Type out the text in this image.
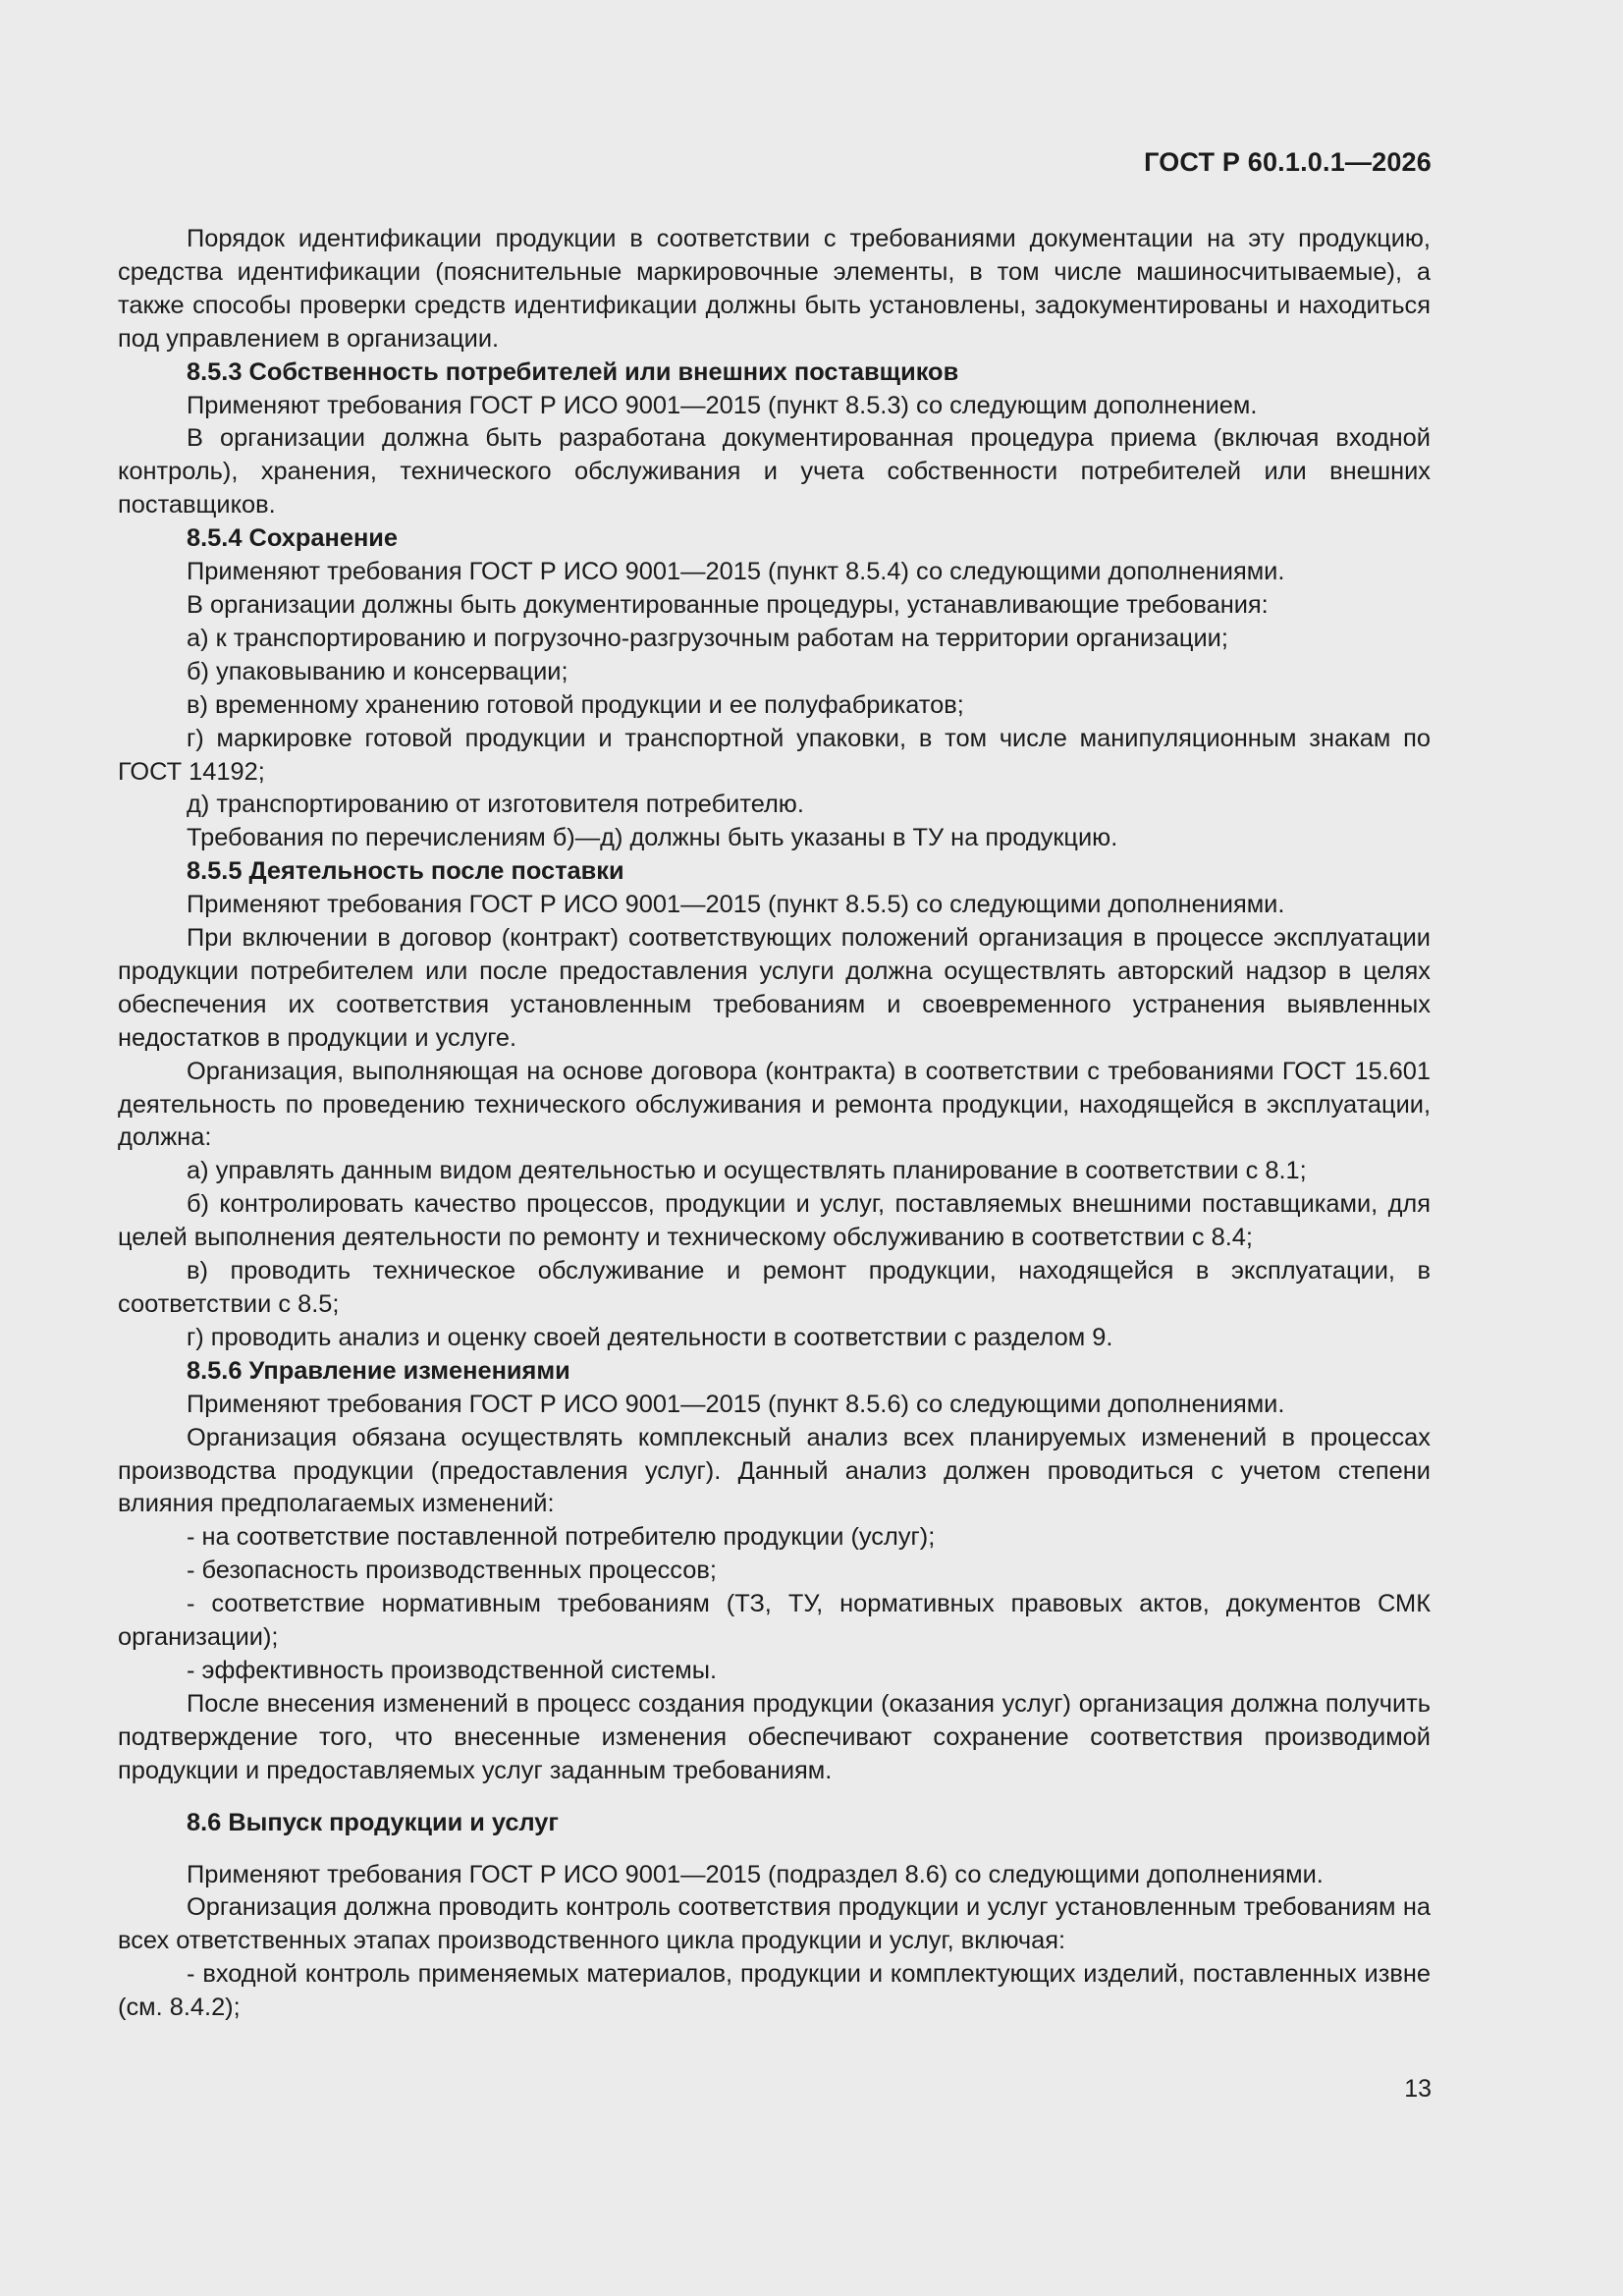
ГОСТ Р 60.1.0.1—2026

Порядок идентификации продукции в соответствии с требованиями документации на эту продукцию, средства идентификации (пояснительные маркировочные элементы, в том числе машиносчитываемые), а также способы проверки средств идентификации должны быть установлены, задокументированы и находиться под управлением в организации.

8.5.3 Собственность потребителей или внешних поставщиков

Применяют требования ГОСТ Р ИСО 9001—2015 (пункт 8.5.3) со следующим дополнением.

В организации должна быть разработана документированная процедура приема (включая входной контроль), хранения, технического обслуживания и учета собственности потребителей или внешних поставщиков.

8.5.4 Сохранение

Применяют требования ГОСТ Р ИСО 9001—2015 (пункт 8.5.4) со следующими дополнениями.

В организации должны быть документированные процедуры, устанавливающие требования:

а) к транспортированию и погрузочно-разгрузочным работам на территории организации;

б) упаковыванию и консервации;

в) временному хранению готовой продукции и ее полуфабрикатов;

г) маркировке готовой продукции и транспортной упаковки, в том числе манипуляционным знакам по ГОСТ 14192;

д) транспортированию от изготовителя потребителю.

Требования по перечислениям б)—д) должны быть указаны в ТУ на продукцию.

8.5.5 Деятельность после поставки

Применяют требования ГОСТ Р ИСО 9001—2015 (пункт 8.5.5) со следующими дополнениями.

При включении в договор (контракт) соответствующих положений организация в процессе эксплуатации продукции потребителем или после предоставления услуги должна осуществлять авторский надзор в целях обеспечения их соответствия установленным требованиям и своевременного устранения выявленных недостатков в продукции и услуге.

Организация, выполняющая на основе договора (контракта) в соответствии с требованиями ГОСТ 15.601 деятельность по проведению технического обслуживания и ремонта продукции, находящейся в эксплуатации, должна:

а) управлять данным видом деятельностью и осуществлять планирование в соответствии с 8.1;

б) контролировать качество процессов, продукции и услуг, поставляемых внешними поставщиками, для целей выполнения деятельности по ремонту и техническому обслуживанию в соответствии с 8.4;

в) проводить техническое обслуживание и ремонт продукции, находящейся в эксплуатации, в соответствии с 8.5;

г) проводить анализ и оценку своей деятельности в соответствии с разделом 9.

8.5.6 Управление изменениями

Применяют требования ГОСТ Р ИСО 9001—2015 (пункт 8.5.6) со следующими дополнениями.

Организация обязана осуществлять комплексный анализ всех планируемых изменений в процессах производства продукции (предоставления услуг). Данный анализ должен проводиться с учетом степени влияния предполагаемых изменений:

- на соответствие поставленной потребителю продукции (услуг);

- безопасность производственных процессов;

- соответствие нормативным требованиям (ТЗ, ТУ, нормативных правовых актов, документов СМК организации);

- эффективность производственной системы.

После внесения изменений в процесс создания продукции (оказания услуг) организация должна получить подтверждение того, что внесенные изменения обеспечивают сохранение соответствия производимой продукции и предоставляемых услуг заданным требованиям.

8.6 Выпуск продукции и услуг

Применяют требования ГОСТ Р ИСО 9001—2015 (подраздел 8.6) со следующими дополнениями.

Организация должна проводить контроль соответствия продукции и услуг установленным требованиям на всех ответственных этапах производственного цикла продукции и услуг, включая:

- входной контроль применяемых материалов, продукции и комплектующих изделий, поставленных извне (см. 8.4.2);

13
